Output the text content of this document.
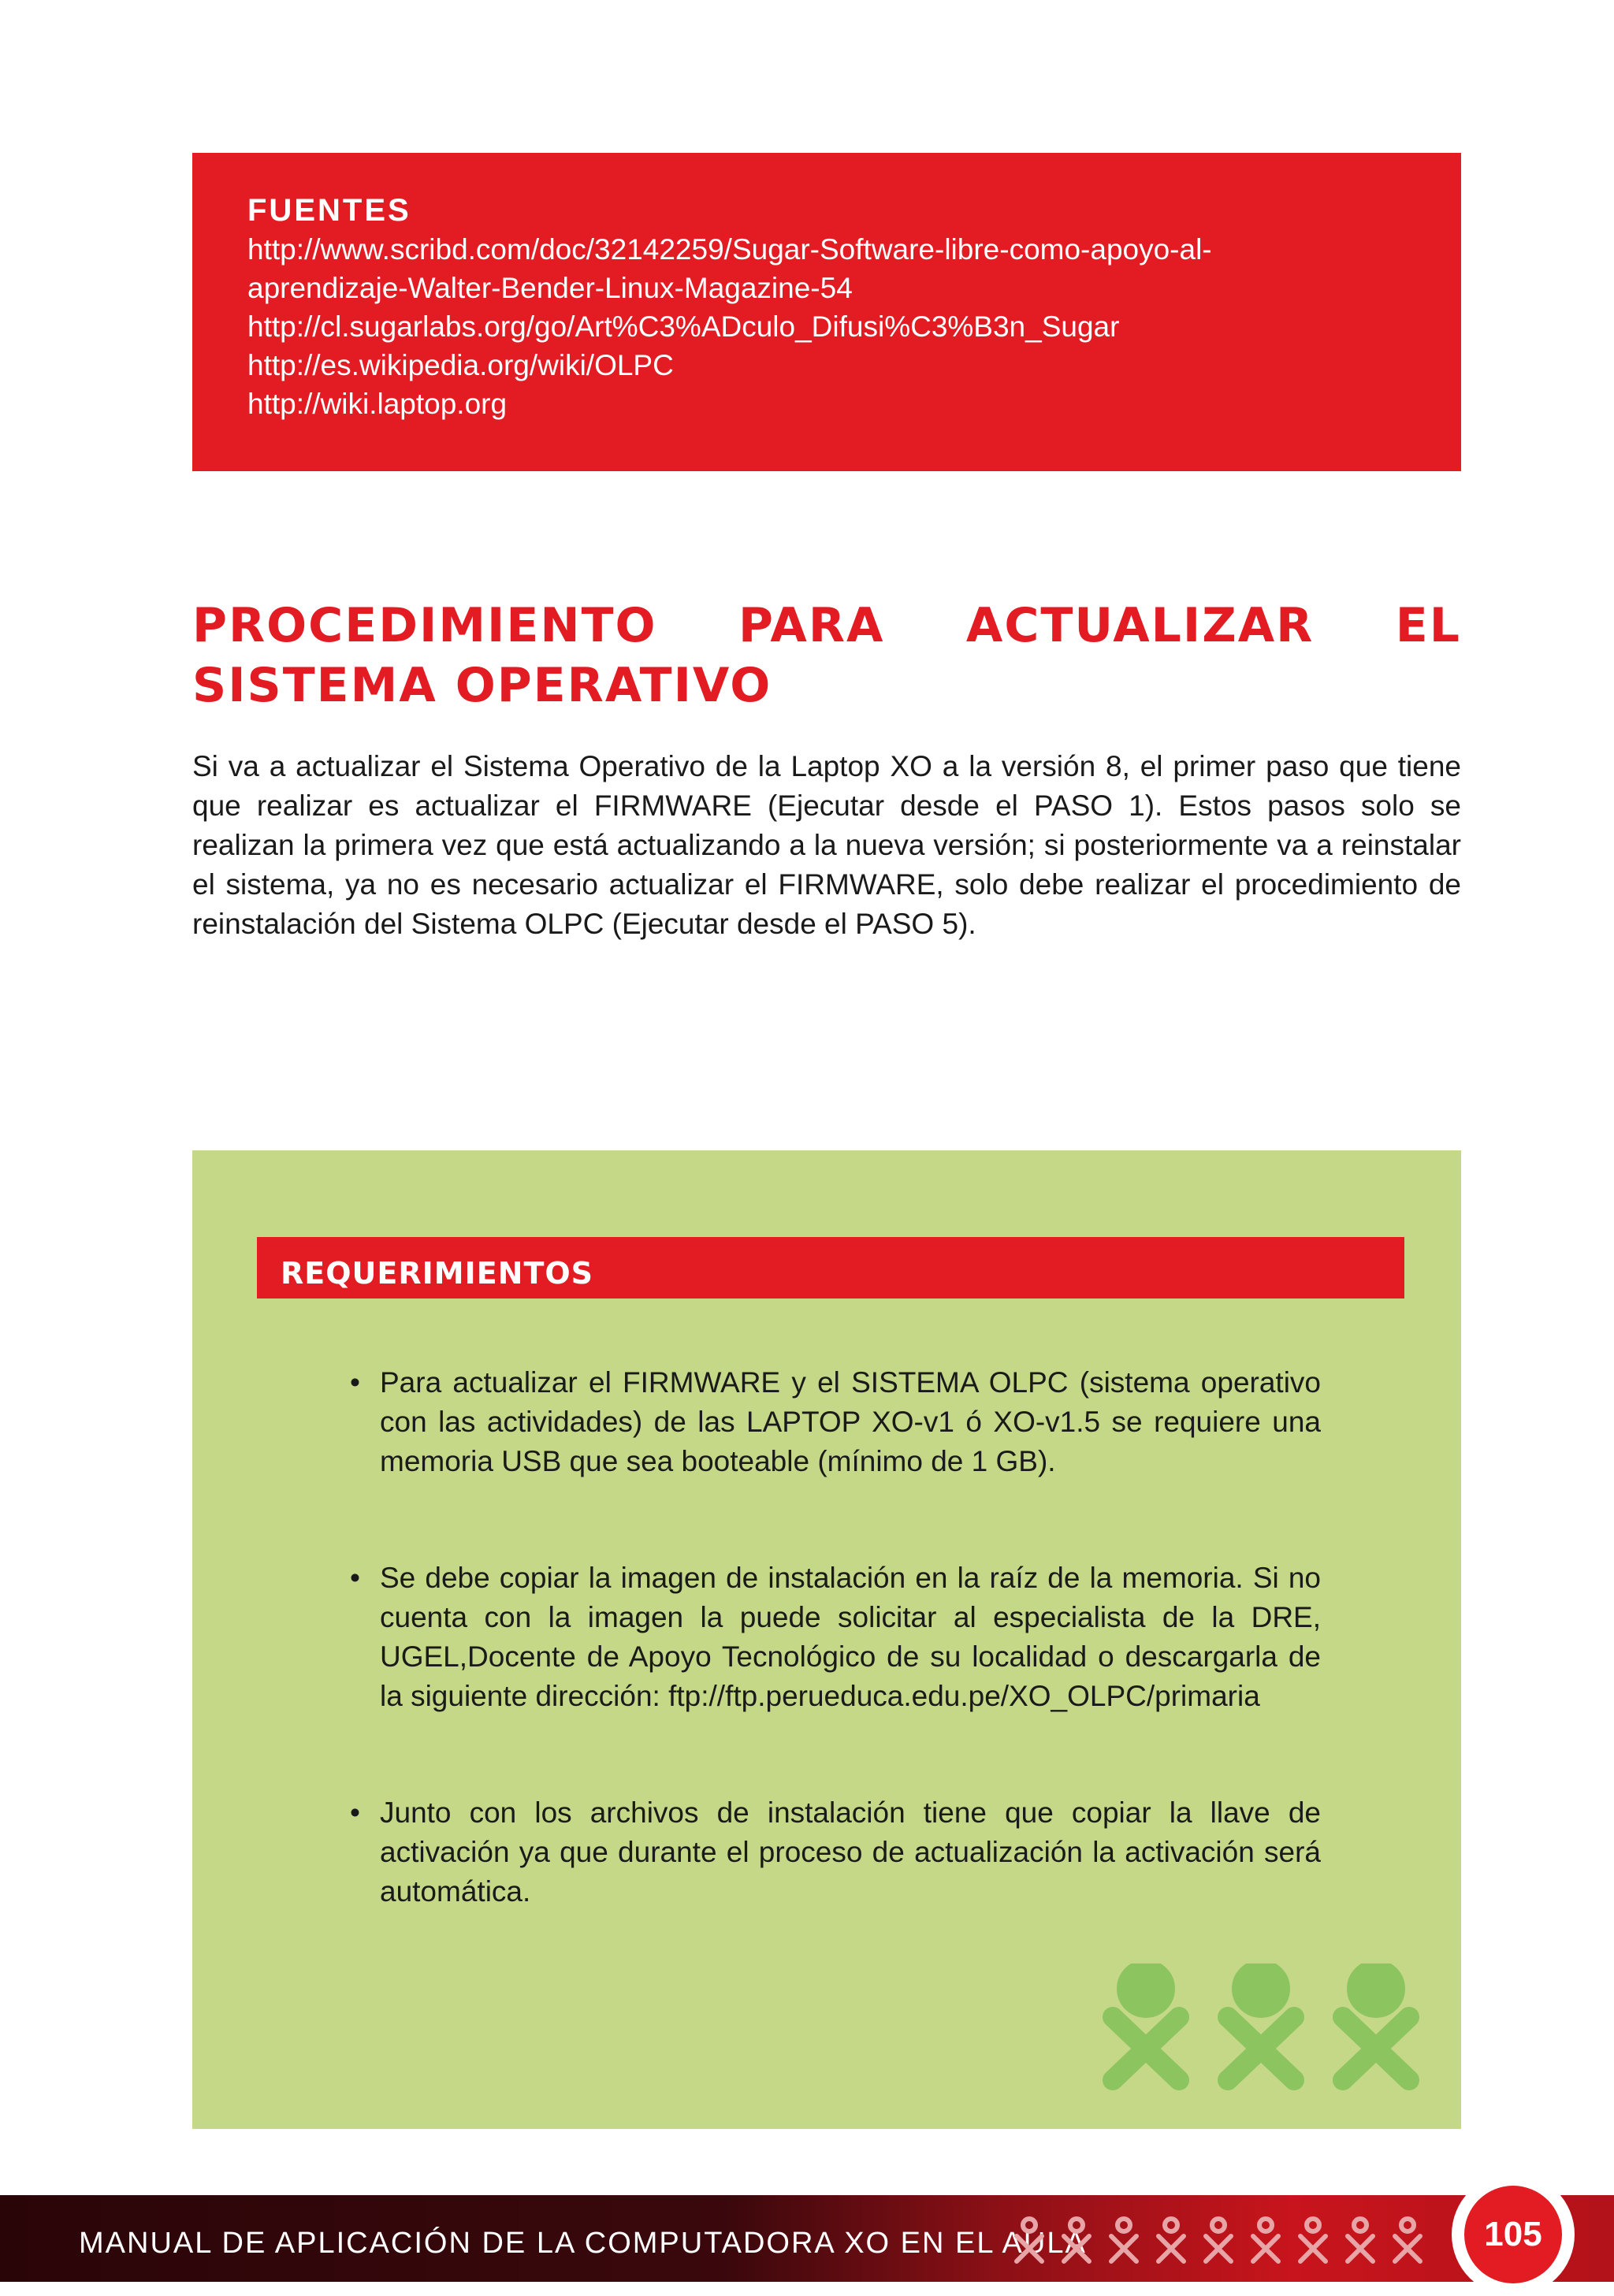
FUENTES
http://www.scribd.com/doc/32142259/Sugar-Software-libre-como-apoyo-al-
aprendizaje-Walter-Bender-Linux-Magazine-54
http://cl.sugarlabs.org/go/Art%C3%ADculo_Difusi%C3%B3n_Sugar
http://es.wikipedia.org/wiki/OLPC
http://wiki.laptop.org
PROCEDIMIENTO PARA ACTUALIZAR EL SISTEMA OPERATIVO

Si va a actualizar el Sistema Operativo de la Laptop XO a la versión 8, el primer paso que tiene que realizar es actualizar el FIRMWARE (Ejecutar desde el PASO 1). Estos pasos solo se realizan la primera vez que está actualizando a la nueva versión; si posteriormente va a reinstalar el sistema, ya no es necesario actualizar el FIRMWARE, solo debe realizar el procedimiento de reinstalación del Sistema OLPC (Ejecutar desde el PASO 5).

REQUERIMIENTOS
• Para actualizar el FIRMWARE y el SISTEMA OLPC (sistema operativo con las actividades) de las LAPTOP XO-v1 ó XO-v1.5 se requiere una memoria USB que sea booteable (mínimo de 1 GB).
• Se debe copiar la imagen de instalación en la raíz de la memoria. Si no cuenta con la imagen la puede solicitar al especialista de la DRE, UGEL,Docente de Apoyo Tecnológico de su localidad o descargarla de la siguiente dirección: ftp://ftp.perueduca.edu.pe/XO_OLPC/primaria
• Junto con los archivos de instalación tiene que copiar la llave de activación ya que durante el proceso de actualización la activación será automática.

MANUAL DE APLICACIÓN DE LA COMPUTADORA XO EN EL AULA	105
